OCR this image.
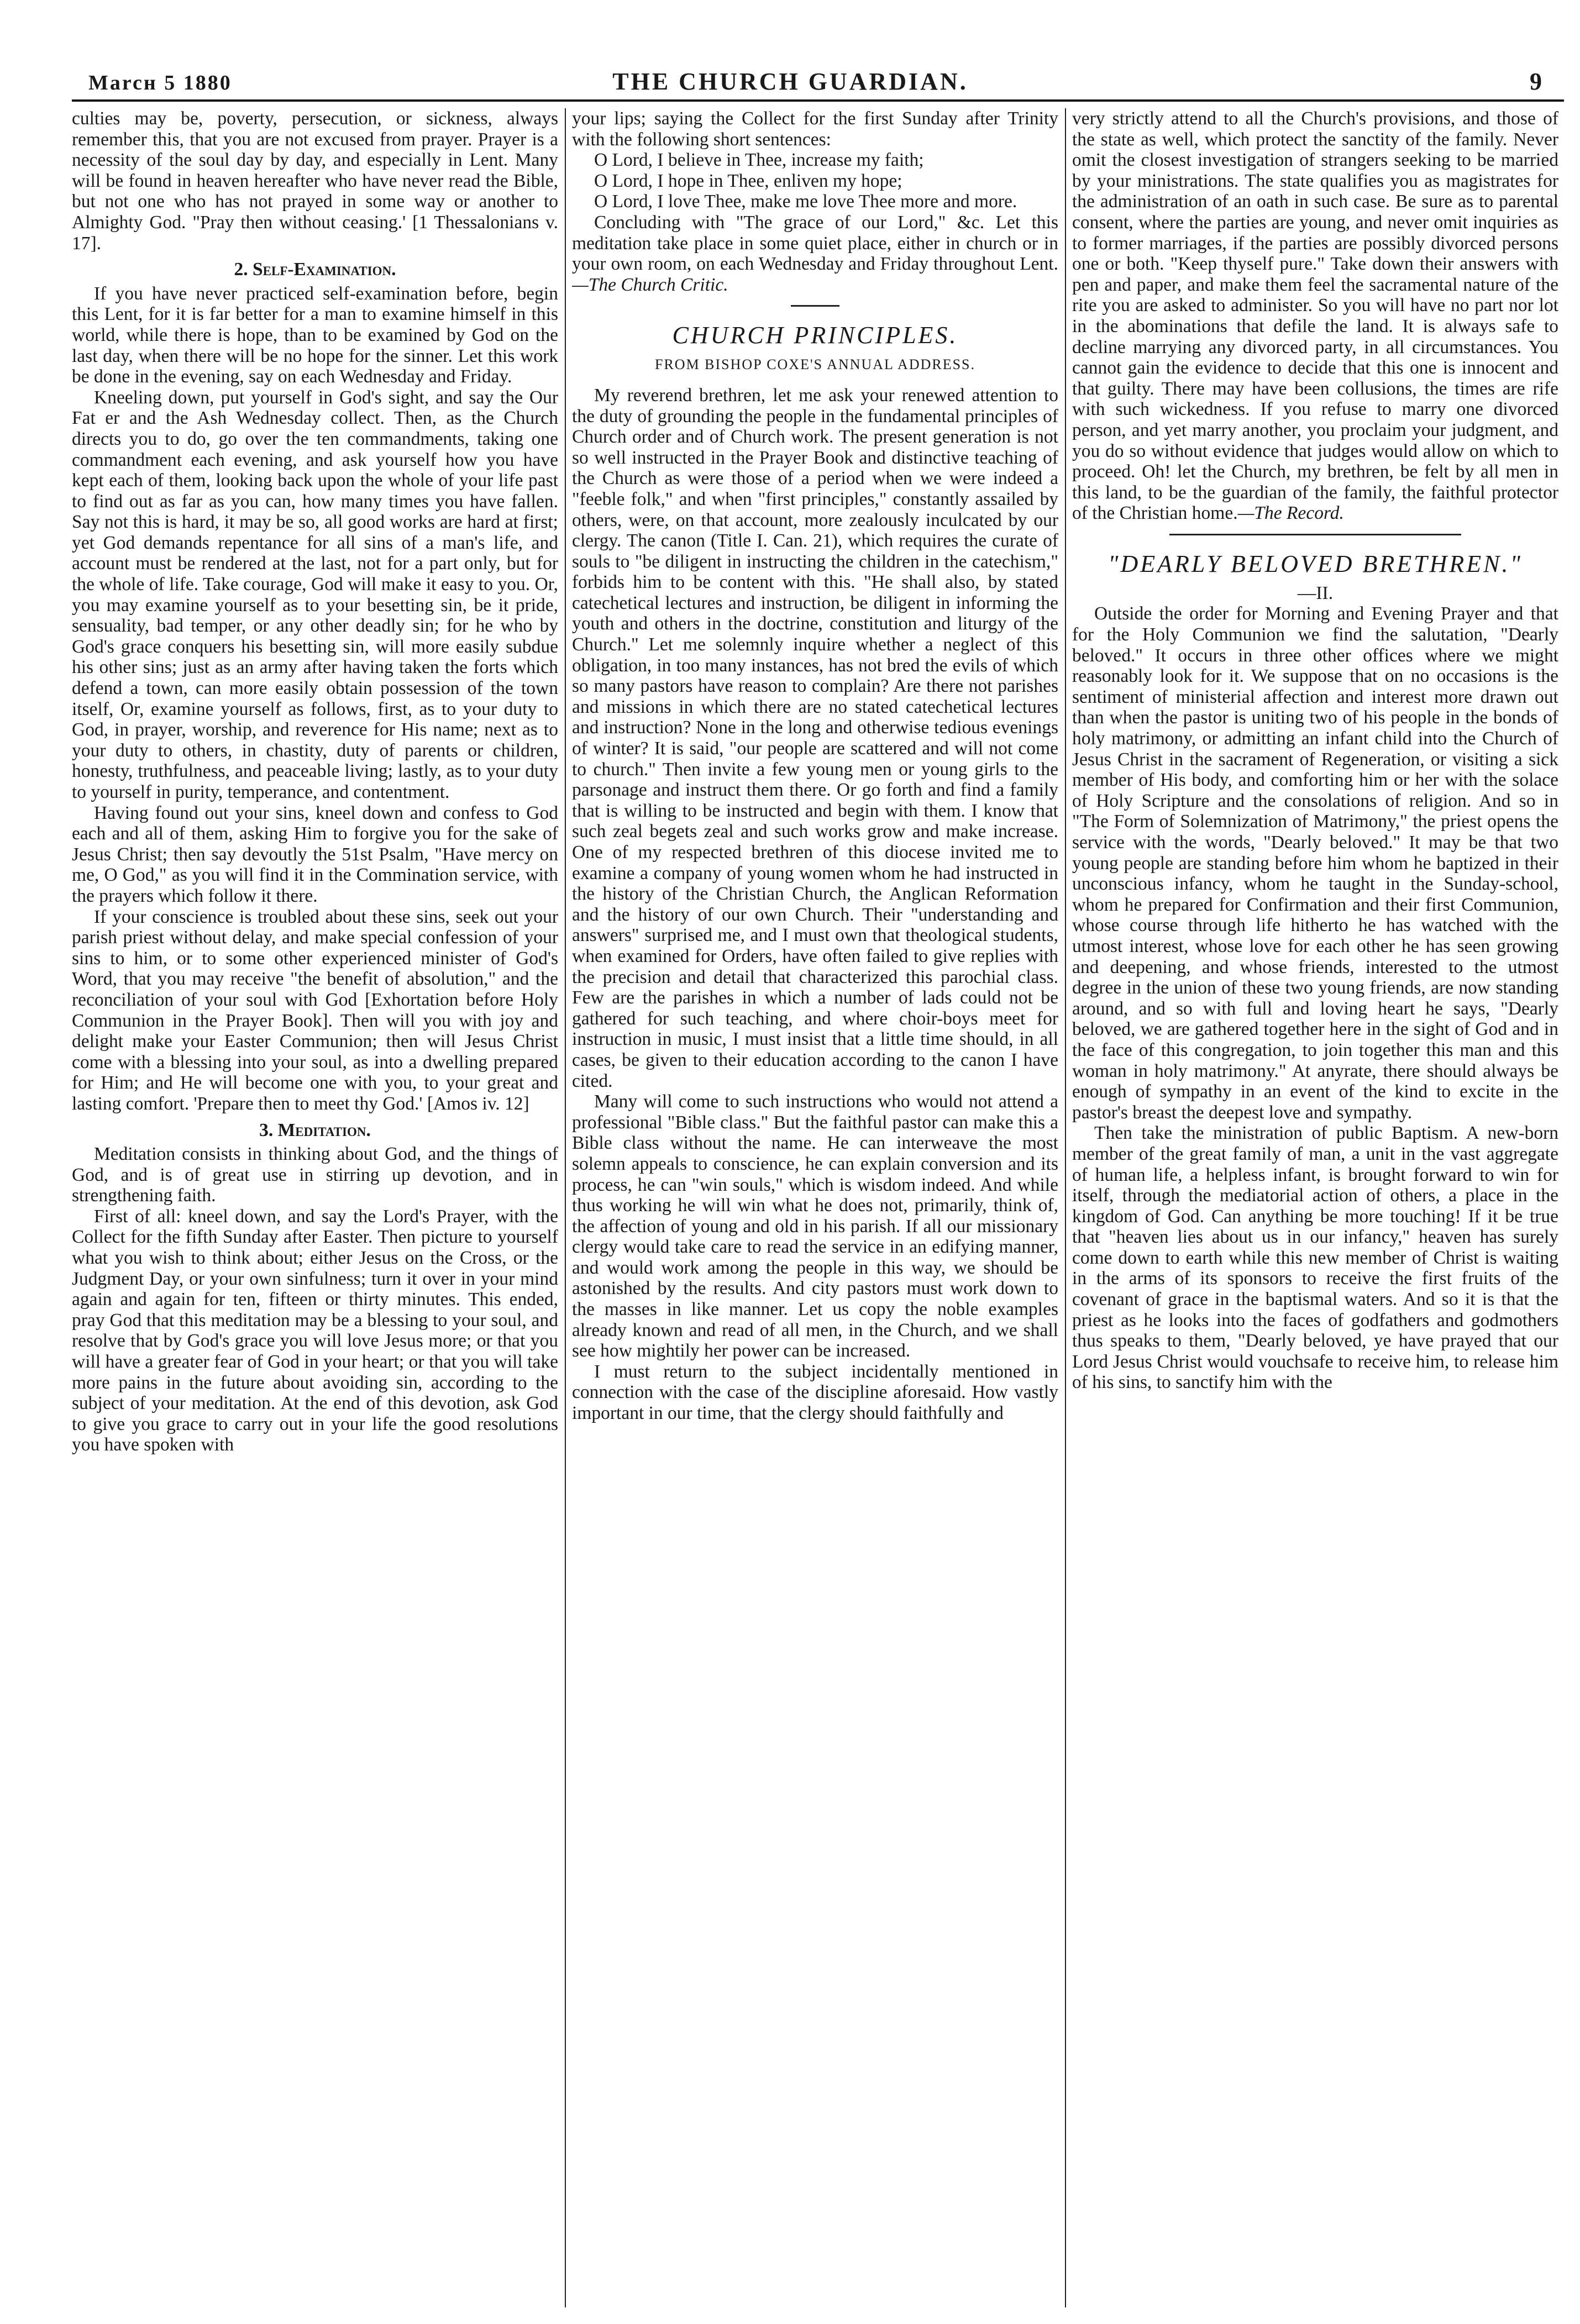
Marcн 5 1880	THE CHURCH GUARDIAN.	9

culties may be, poverty, persecution, or sickness, always remember this, that you are not excused from prayer. Prayer is a necessity of the soul day by day, and especially in Lent. Many will be found in heaven hereafter who have never read the Bible, but not one who has not prayed in some way or another to Almighty God. "Pray then without ceasing.' [1 Thessalonians v. 17].

2. Self-Examination.

If you have never practiced self-examination before, begin this Lent, for it is far better for a man to examine himself in this world, while there is hope, than to be examined by God on the last day, when there will be no hope for the sinner. Let this work be done in the evening, say on each Wednesday and Friday.

Kneeling down, put yourself in God's sight, and say the Our Fat er and the Ash Wednesday collect. Then, as the Church directs you to do, go over the ten commandments, taking one commandment each evening, and ask yourself how you have kept each of them, looking back upon the whole of your life past to find out as far as you can, how many times you have fallen. Say not this is hard, it may be so, all good works are hard at first; yet God demands repentance for all sins of a man's life, and account must be rendered at the last, not for a part only, but for the whole of life. Take courage, God will make it easy to you. Or, you may examine yourself as to your besetting sin, be it pride, sensuality, bad temper, or any other deadly sin; for he who by God's grace conquers his besetting sin, will more easily subdue his other sins; just as an army after having taken the forts which defend a town, can more easily obtain possession of the town itself, Or, examine yourself as follows, first, as to your duty to God, in prayer, worship, and reverence for His name; next as to your duty to others, in chastity, duty of parents or children, honesty, truthfulness, and peaceable living; lastly, as to your duty to yourself in purity, temperance, and contentment.

Having found out your sins, kneel down and confess to God each and all of them, asking Him to forgive you for the sake of Jesus Christ; then say devoutly the 51st Psalm, "Have mercy on me, O God," as you will find it in the Commination service, with the prayers which follow it there.

If your conscience is troubled about these sins, seek out your parish priest without delay, and make special confession of your sins to him, or to some other experienced minister of God's Word, that you may receive "the benefit of absolution," and the reconciliation of your soul with God [Exhortation before Holy Communion in the Prayer Book]. Then will you with joy and delight make your Easter Communion; then will Jesus Christ come with a blessing into your soul, as into a dwelling prepared for Him; and He will become one with you, to your great and lasting comfort. 'Prepare then to meet thy God.' [Amos iv. 12]

3. Meditation.

Meditation consists in thinking about God, and the things of God, and is of great use in stirring up devotion, and in strengthening faith.

First of all: kneel down, and say the Lord's Prayer, with the Collect for the fifth Sunday after Easter. Then picture to yourself what you wish to think about; either Jesus on the Cross, or the Judgment Day, or your own sinfulness; turn it over in your mind again and again for ten, fifteen or thirty minutes. This ended, pray God that this meditation may be a blessing to your soul, and resolve that by God's grace you will love Jesus more; or that you will have a greater fear of God in your heart; or that you will take more pains in the future about avoiding sin, according to the subject of your meditation. At the end of this devotion, ask God to give you grace to carry out in your life the good resolutions you have spoken with

your lips; saying the Collect for the first Sunday after Trinity with the following short sentences:

O Lord, I believe in Thee, increase my faith;

O Lord, I hope in Thee, enliven my hope;

O Lord, I love Thee, make me love Thee more and more.

Concluding with "The grace of our Lord," &c. Let this meditation take place in some quiet place, either in church or in your own room, on each Wednesday and Friday throughout Lent.—The Church Critic.

CHURCH PRINCIPLES.

FROM BISHOP COXE'S ANNUAL ADDRESS.

My reverend brethren, let me ask your renewed attention to the duty of grounding the people in the fundamental principles of Church order and of Church work. The present generation is not so well instructed in the Prayer Book and distinctive teaching of the Church as were those of a period when we were indeed a "feeble folk," and when "first principles," constantly assailed by others, were, on that account, more zealously inculcated by our clergy. The canon (Title I. Can. 21), which requires the curate of souls to "be diligent in instructing the children in the catechism," forbids him to be content with this. "He shall also, by stated catechetical lectures and instruction, be diligent in informing the youth and others in the doctrine, constitution and liturgy of the Church." Let me solemnly inquire whether a neglect of this obligation, in too many instances, has not bred the evils of which so many pastors have reason to complain? Are there not parishes and missions in which there are no stated catechetical lectures and instruction? None in the long and otherwise tedious evenings of winter? It is said, "our people are scattered and will not come to church." Then invite a few young men or young girls to the parsonage and instruct them there. Or go forth and find a family that is willing to be instructed and begin with them. I know that such zeal begets zeal and such works grow and make increase. One of my respected brethren of this diocese invited me to examine a company of young women whom he had instructed in the history of the Christian Church, the Anglican Reformation and the history of our own Church. Their "understanding and answers" surprised me, and I must own that theological students, when examined for Orders, have often failed to give replies with the precision and detail that characterized this parochial class. Few are the parishes in which a number of lads could not be gathered for such teaching, and where choir-boys meet for instruction in music, I must insist that a little time should, in all cases, be given to their education according to the canon I have cited.

Many will come to such instructions who would not attend a professional "Bible class." But the faithful pastor can make this a Bible class without the name. He can interweave the most solemn appeals to conscience, he can explain conversion and its process, he can "win souls," which is wisdom indeed. And while thus working he will win what he does not, primarily, think of, the affection of young and old in his parish. If all our missionary clergy would take care to read the service in an edifying manner, and would work among the people in this way, we should be astonished by the results. And city pastors must work down to the masses in like manner. Let us copy the noble examples already known and read of all men, in the Church, and we shall see how mightily her power can be increased.

I must return to the subject incidentally mentioned in connection with the case of the discipline aforesaid. How vastly important in our time, that the clergy should faithfully and

very strictly attend to all the Church's provisions, and those of the state as well, which protect the sanctity of the family. Never omit the closest investigation of strangers seeking to be married by your ministrations. The state qualifies you as magistrates for the administration of an oath in such case. Be sure as to parental consent, where the parties are young, and never omit inquiries as to former marriages, if the parties are possibly divorced persons one or both. "Keep thyself pure." Take down their answers with pen and paper, and make them feel the sacramental nature of the rite you are asked to administer. So you will have no part nor lot in the abominations that defile the land. It is always safe to decline marrying any divorced party, in all circumstances. You cannot gain the evidence to decide that this one is innocent and that guilty. There may have been collusions, the times are rife with such wickedness. If you refuse to marry one divorced person, and yet marry another, you proclaim your judgment, and you do so without evidence that judges would allow on which to proceed. Oh! let the Church, my brethren, be felt by all men in this land, to be the guardian of the family, the faithful protector of the Christian home.—The Record.

"DEARLY BELOVED BRETHREN."

—II.

Outside the order for Morning and Evening Prayer and that for the Holy Communion we find the salutation, "Dearly beloved." It occurs in three other offices where we might reasonably look for it. We suppose that on no occasions is the sentiment of ministerial affection and interest more drawn out than when the pastor is uniting two of his people in the bonds of holy matrimony, or admitting an infant child into the Church of Jesus Christ in the sacrament of Regeneration, or visiting a sick member of His body, and comforting him or her with the solace of Holy Scripture and the consolations of religion. And so in "The Form of Solemnization of Matrimony," the priest opens the service with the words, "Dearly beloved." It may be that two young people are standing before him whom he baptized in their unconscious infancy, whom he taught in the Sunday-school, whom he prepared for Confirmation and their first Communion, whose course through life hitherto he has watched with the utmost interest, whose love for each other he has seen growing and deepening, and whose friends, interested to the utmost degree in the union of these two young friends, are now standing around, and so with full and loving heart he says, "Dearly beloved, we are gathered together here in the sight of God and in the face of this congregation, to join together this man and this woman in holy matrimony." At anyrate, there should always be enough of sympathy in an event of the kind to excite in the pastor's breast the deepest love and sympathy.

Then take the ministration of public Baptism. A new-born member of the great family of man, a unit in the vast aggregate of human life, a helpless infant, is brought forward to win for itself, through the mediatorial action of others, a place in the kingdom of God. Can anything be more touching! If it be true that "heaven lies about us in our infancy," heaven has surely come down to earth while this new member of Christ is waiting in the arms of its sponsors to receive the first fruits of the covenant of grace in the baptismal waters. And so it is that the priest as he looks into the faces of godfathers and godmothers thus speaks to them, "Dearly beloved, ye have prayed that our Lord Jesus Christ would vouchsafe to receive him, to release him of his sins, to sanctify him with the
